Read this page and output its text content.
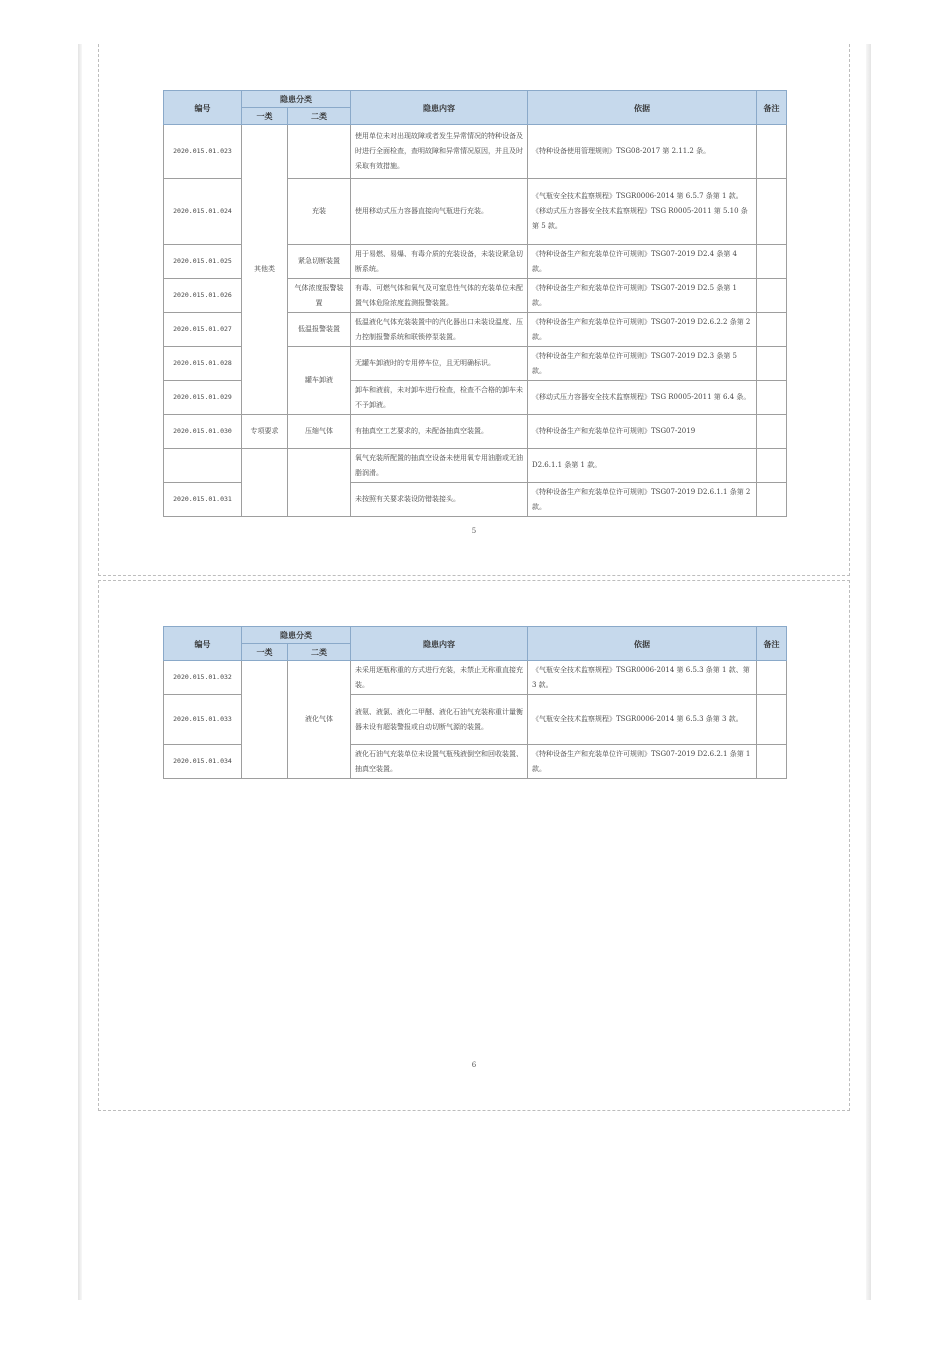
编号	隐患分类		隐患内容	依据	备注
	一类	二类			
2020.015.01.023	其他类		使用单位未对出现故障或者发生异常情况的特种设备及时进行全面检查，查明故障和异常情况原因，并且及时采取有效措施。	《特种设备使用管理规则》TSG08-2017 第 2.11.2 条。	
2020.015.01.024		充装	使用移动式压力容器直接向气瓶进行充装。	《气瓶安全技术监察规程》TSGR0006-2014 第 6.5.7 条第 1 款。《移动式压力容器安全技术监察规程》TSG R0005-2011 第 5.10 条第 5 款。	
2020.015.01.025		紧急切断装置	用于易燃、易爆、有毒介质的充装设备，未装设紧急切断系统。	《特种设备生产和充装单位许可规则》TSG07-2019 D2.4 条第 4 款。	
2020.015.01.026		气体浓度报警装置	有毒、可燃气体和氧气及可窒息性气体的充装单位未配置气体危险浓度监测报警装置。	《特种设备生产和充装单位许可规则》TSG07-2019 D2.5 条第 1 款。	
2020.015.01.027		低温报警装置	低温液化气体充装装置中的汽化器出口未装设温度、压力控制报警系统和联锁停泵装置。	《特种设备生产和充装单位许可规则》TSG07-2019 D2.6.2.2 条第 2 款。	
2020.015.01.028		罐车卸液	无罐车卸液时的专用停车位，且无明确标识。	《特种设备生产和充装单位许可规则》TSG07-2019 D2.3 条第 5 款。	
2020.015.01.029			卸车和液前，未对卸车进行检查，检查不合格的卸车未不予卸液。	《移动式压力容器安全技术监察规程》TSG R0005-2011 第 6.4 条。	
2020.015.01.030	专项要求	压缩气体	有抽真空工艺要求的，未配备抽真空装置。	《特种设备生产和充装单位许可规则》TSG07-2019	
			氧气充装所配置的抽真空设备未使用氧专用油脂或无油脂润滑。	D2.6.1.1 条第 1 款。	
2020.015.01.031			未按照有关要求装设防错装接头。	《特种设备生产和充装单位许可规则》TSG07-2019 D2.6.1.1 条第 2 款。	
5
编号	隐患分类		隐患内容	依据	备注
	一类	二类			
2020.015.01.032		液化气体	未采用逐瓶称重的方式进行充装，未禁止无称重直接充装。	《气瓶安全技术监察规程》TSGR0006-2014 第 6.5.3 条第 1 款、第 3 款。	
2020.015.01.033			液氨、液氯、液化二甲醚、液化石油气充装称重计量衡器未设有超装警报或自动切断气源的装置。	《气瓶安全技术监察规程》TSGR0006-2014 第 6.5.3 条第 3 款。	
2020.015.01.034			液化石油气充装单位未设置气瓶残液倒空和回收装置、抽真空装置。	《特种设备生产和充装单位许可规则》TSG07-2019 D2.6.2.1 条第 1 款。	
6
